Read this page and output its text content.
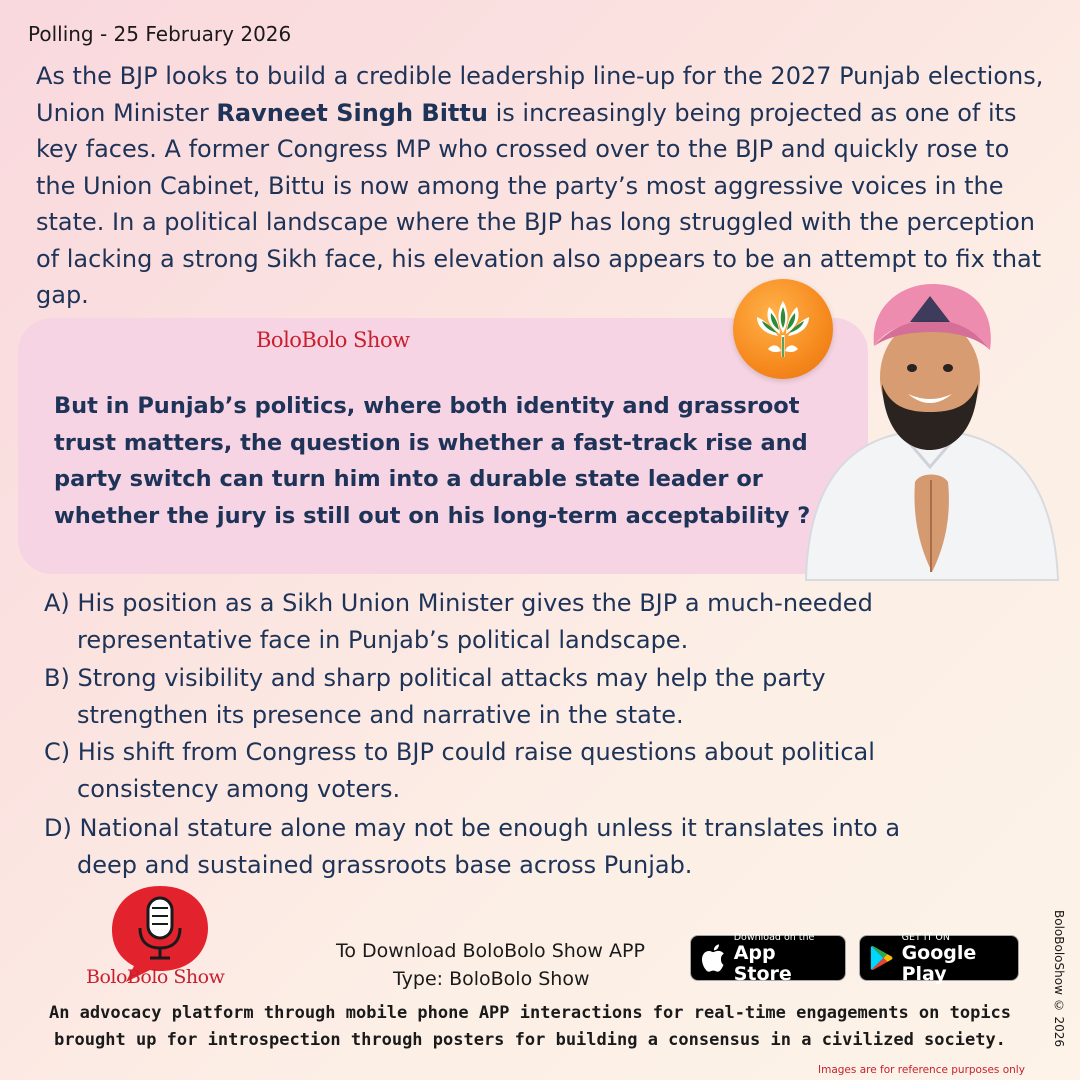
Polling - 25 February 2026

As the BJP looks to build a credible leadership line-up for the 2027 Punjab elections, Union Minister Ravneet Singh Bittu is increasingly being projected as one of its key faces. A former Congress MP who crossed over to the BJP and quickly rose to the Union Cabinet, Bittu is now among the party’s most aggressive voices in the state. In a political landscape where the BJP has long struggled with the perception of lacking a strong Sikh face, his elevation also appears to be an attempt to fix that gap.

BoloBolo Show

But in Punjab’s politics, where both identity and grassroot trust matters, the question is whether a fast-track rise and party switch can turn him into a durable state leader or whether the jury is still out on his long-term acceptability ?

A) His position as a Sikh Union Minister gives the BJP a much-needed
representative face in Punjab’s political landscape.
B) Strong visibility and sharp political attacks may help the party
strengthen its presence and narrative in the state.
C) His shift from Congress to BJP could raise questions about political
consistency among voters.
D) National stature alone may not be enough unless it translates into a
deep and sustained grassroots base across Punjab.
BoloBolo Show
To Download BoloBolo Show APP
Type: BoloBolo Show
Download on the
App Store
GET IT ON
Google Play

An advocacy platform through mobile phone APP interactions for real-time engagements on topics
brought up for introspection through posters for building a consensus in a civilized society.	BoloBoloShow © 2026
Images are for reference purposes only
